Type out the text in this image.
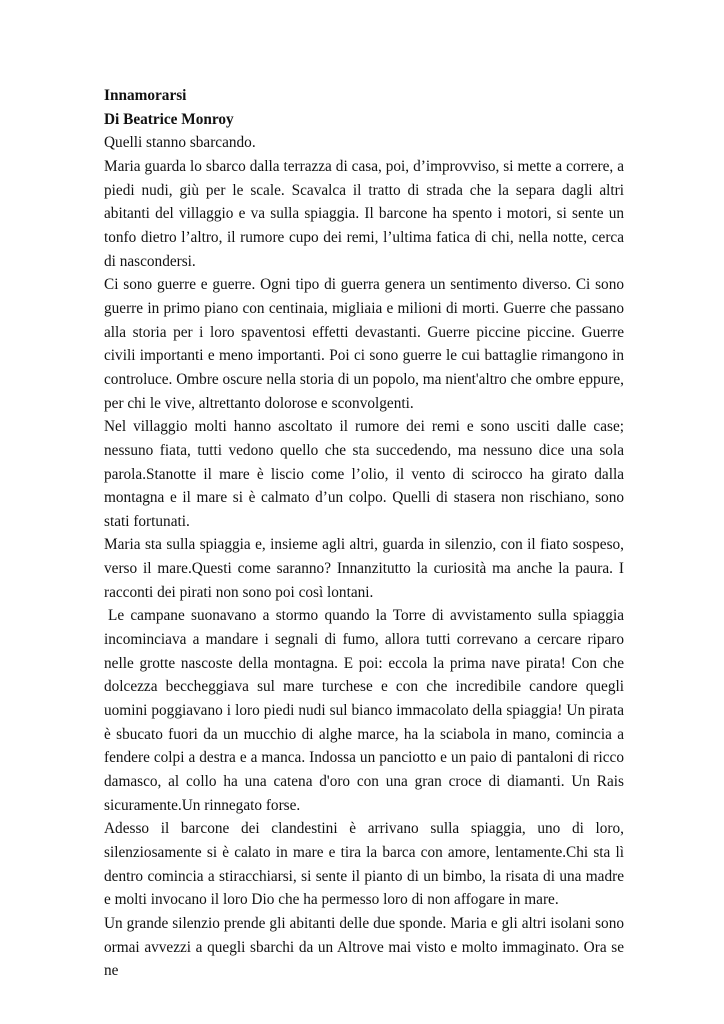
Innamorarsi

Di Beatrice Monroy

Quelli stanno sbarcando.

Maria guarda lo sbarco dalla terrazza di casa, poi, d’improvviso, si mette a correre, a piedi nudi, giù per le scale. Scavalca il tratto di strada che la separa dagli altri abitanti del villaggio e va sulla spiaggia. Il barcone ha spento i motori, si sente un tonfo dietro l’altro, il rumore cupo dei remi, l’ultima fatica di chi, nella notte, cerca di nascondersi.

Ci sono guerre e guerre. Ogni tipo di guerra genera un sentimento diverso. Ci sono guerre in primo piano con centinaia, migliaia e milioni di morti. Guerre che passano alla storia per i loro spaventosi effetti devastanti. Guerre piccine piccine. Guerre civili importanti e meno importanti. Poi ci sono guerre le cui battaglie rimangono in controluce. Ombre oscure nella storia di un popolo, ma nient'altro che ombre eppure, per chi le vive, altrettanto dolorose e sconvolgenti.

Nel villaggio molti hanno ascoltato il rumore dei remi e sono usciti dalle case; nessuno fiata, tutti vedono quello che sta succedendo, ma nessuno dice una sola parola.Stanotte il mare è liscio come l’olio, il vento di scirocco ha girato dalla montagna e il mare si è calmato d’un colpo. Quelli di stasera non rischiano, sono stati fortunati.

Maria sta sulla spiaggia e, insieme agli altri, guarda in silenzio, con il fiato sospeso, verso il mare.Questi come saranno? Innanzitutto la curiosità ma anche la paura. I racconti dei pirati non sono poi così lontani.

Le campane suonavano a stormo quando la Torre di avvistamento sulla spiaggia incominciava a mandare i segnali di fumo, allora tutti correvano a cercare riparo nelle grotte nascoste della montagna. E poi: eccola la prima nave pirata! Con che dolcezza beccheggiava sul mare turchese e con che incredibile candore quegli uomini poggiavano i loro piedi nudi sul bianco immacolato della spiaggia! Un pirata è sbucato fuori da un mucchio di alghe marce, ha la sciabola in mano, comincia a fendere colpi a destra e a manca. Indossa un panciotto e un paio di pantaloni di ricco damasco, al collo ha una catena d'oro con una gran croce di diamanti. Un Rais sicuramente.Un rinnegato forse.

Adesso il barcone dei clandestini è arrivano sulla spiaggia, uno di loro, silenziosamente si è calato in mare e tira la barca con amore, lentamente.Chi sta lì dentro comincia a stiracchiarsi, si sente il pianto di un bimbo, la risata di una madre e molti invocano il loro Dio che ha permesso loro di non affogare in mare.

Un grande silenzio prende gli abitanti delle due sponde. Maria e gli altri isolani sono ormai avvezzi a quegli sbarchi da un Altrove mai visto e molto immaginato. Ora se ne
